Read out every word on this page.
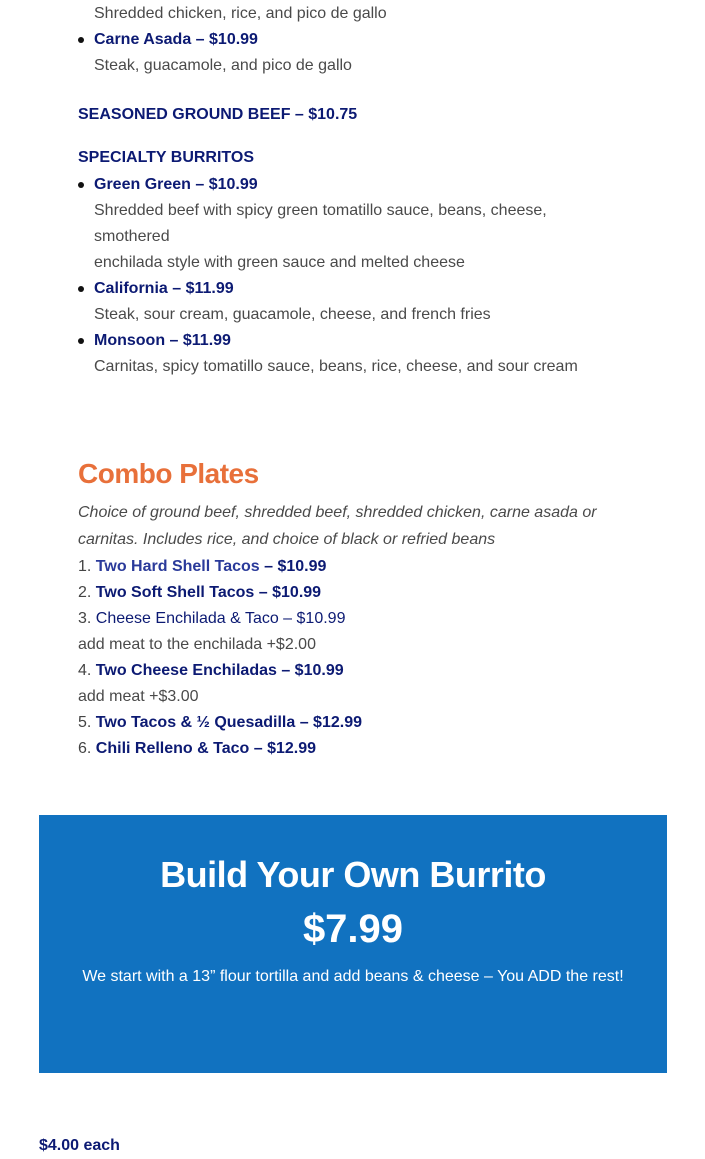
Shredded chicken, rice, and pico de gallo
Carne Asada – $10.99
Steak, guacamole, and pico de gallo
SEASONED GROUND BEEF – $10.75
SPECIALTY BURRITOS
Green Green – $10.99
Shredded beef with spicy green tomatillo sauce, beans, cheese,
smothered
enchilada style with green sauce and melted cheese
California – $11.99
Steak, sour cream, guacamole, cheese, and french fries
Monsoon – $11.99
Carnitas, spicy tomatillo sauce, beans, rice, cheese, and sour cream
Combo Plates
Choice of ground beef, shredded beef, shredded chicken, carne asada or carnitas. Includes rice, and choice of black or refried beans
1. Two Hard Shell Tacos – $10.99
2. Two Soft Shell Tacos – $10.99
3. Cheese Enchilada & Taco – $10.99
add meat to the enchilada +$2.00
4. Two Cheese Enchiladas – $10.99
add meat +$3.00
5. Two Tacos & ½ Quesadilla – $12.99
6. Chili Relleno & Taco – $12.99
Build Your Own Burrito
$7.99
We start with a 13” flour tortilla and add beans & cheese – You ADD the rest!
$4.00 each
